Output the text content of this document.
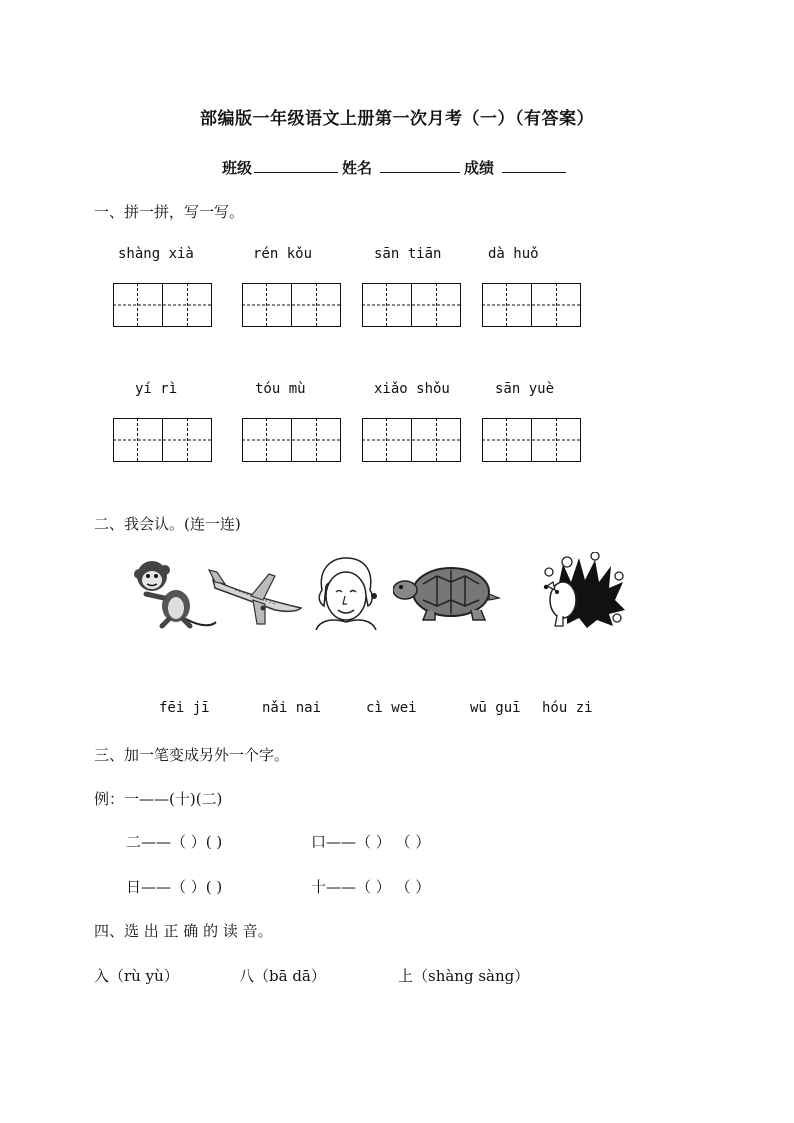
部编版一年级语文上册第一次月考（一）（有答案）
班级	姓名	成绩
一、拼一拼，写一写。
shàng xià	rén kǒu	sān tiān	dà huǒ
yí rì	tóu mù	xiǎo shǒu	sān yuè
二、我会认。(连一连)
fēi jī	nǎi nai	cì wei	wū guī hóu zi
三、加一笔变成另外一个字。
例：一——(十)(二)
二——（ ）( )	口——（ ） （ ）
日——（ ）( )	十——（ ） （ ）
四、选 出 正 确 的 读 音。
入（rù yù）	八（bā dā）	上（shàng sàng）
